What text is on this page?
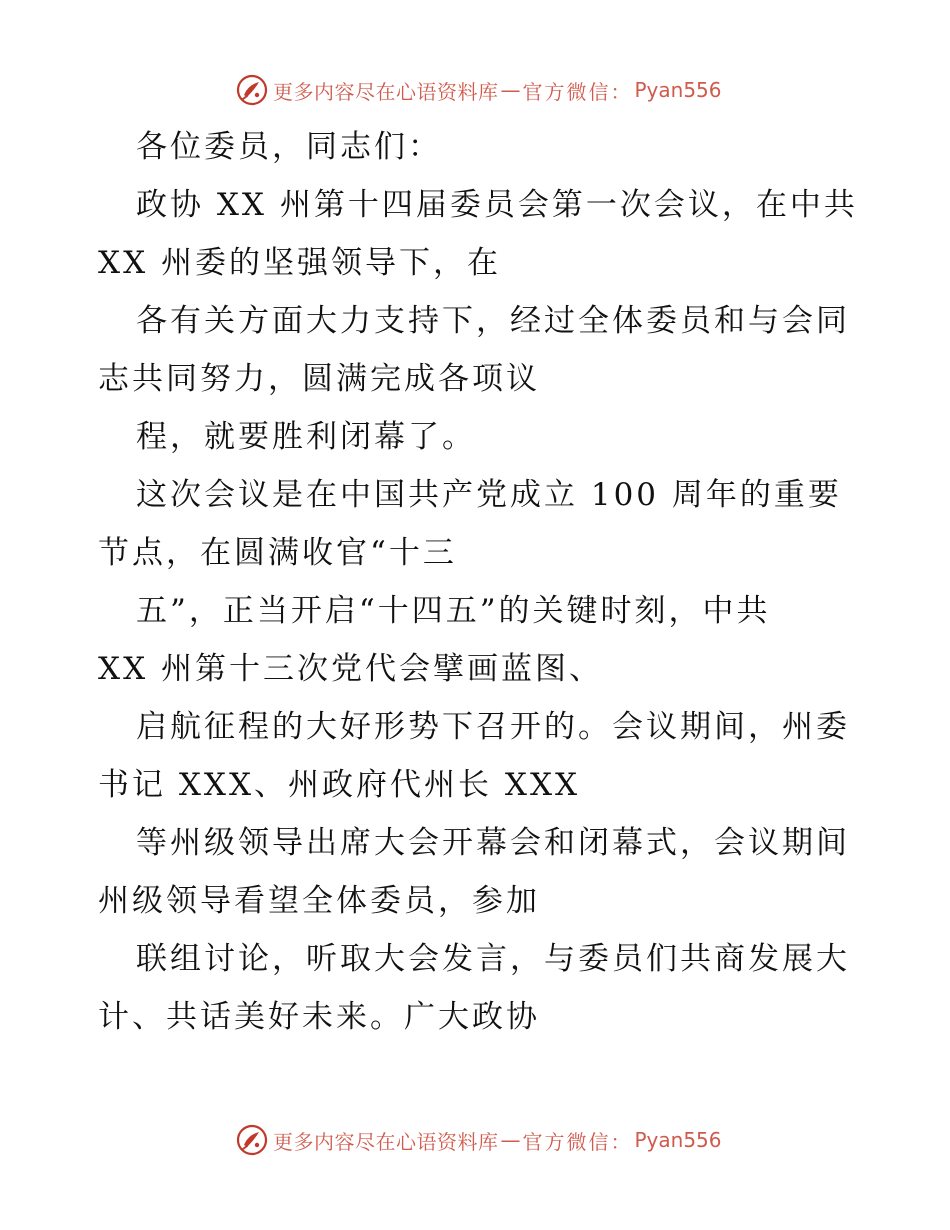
更多内容尽在心语资料库 — 官方微信： Pyan556
各位委员，同志们：
政协 XX 州第十四届委员会第一次会议，在中共
XX 州委的坚强领导下，在
各有关方面大力支持下，经过全体委员和与会同
志共同努力，圆满完成各项议
程，就要胜利闭幕了。
这次会议是在中国共产党成立 100 周年的重要
节点，在圆满收官“十三
五”，正当开启“十四五”的关键时刻，中共
XX 州第十三次党代会擘画蓝图、
启航征程的大好形势下召开的。会议期间，州委
书记 XXX、州政府代州长 XXX
等州级领导出席大会开幕会和闭幕式，会议期间
州级领导看望全体委员，参加
联组讨论，听取大会发言，与委员们共商发展大
计、共话美好未来。广大政协
更多内容尽在心语资料库 — 官方微信： Pyan556
